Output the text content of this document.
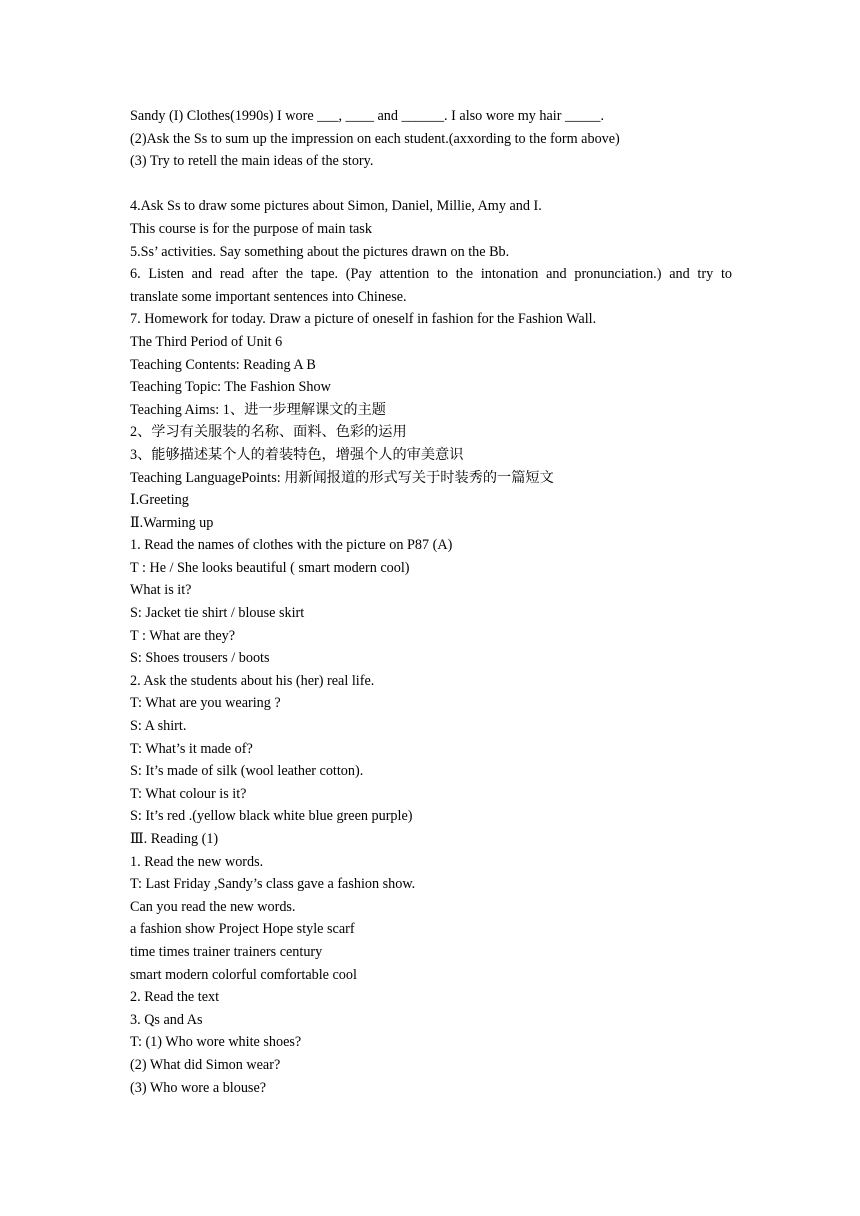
Sandy (I) Clothes(1990s) I wore ___, ____ and ______. I also wore my hair _____.
(2)Ask the Ss to sum up the impression on each student.(axxording to the form above)
(3) Try to retell the main ideas of the story.
4.Ask Ss to draw some pictures about Simon, Daniel, Millie, Amy and I.
This course is for the purpose of main task
5.Ss’ activities. Say something about the pictures drawn on the Bb.
6. Listen and read after the tape. (Pay attention to the intonation and pronunciation.) and try to
translate some important sentences into Chinese.
7. Homework for today. Draw a picture of oneself in fashion for the Fashion Wall.
The Third Period of Unit 6
Teaching Contents: Reading A B
Teaching Topic: The Fashion Show
Teaching Aims: 1、进一步理解课文的主题
2、学习有关服装的名称、面料、色彩的运用
3、能够描述某个人的着装特色，增强个人的审美意识
Teaching LanguagePoints: 用新闻报道的形式写关于时装秀的一篇短文
Ⅰ.Greeting
Ⅱ.Warming up
1. Read the names of clothes with the picture on P87 (A)
T : He / She looks beautiful ( smart modern cool)
What is it?
S: Jacket tie shirt / blouse skirt
T : What are they?
S: Shoes trousers / boots
2. Ask the students about his (her) real life.
T: What are you wearing ?
S: A shirt.
T: What’s it made of?
S: It’s made of silk (wool leather cotton).
T: What colour is it?
S: It’s red .(yellow black white blue green purple)
Ⅲ. Reading (1)
1. Read the new words.
T: Last Friday ,Sandy’s class gave a fashion show.
Can you read the new words.
a fashion show Project Hope style scarf
time times trainer trainers century
smart modern colorful comfortable cool
2. Read the text
3. Qs and As
T: (1) Who wore white shoes?
(2) What did Simon wear?
(3) Who wore a blouse?
